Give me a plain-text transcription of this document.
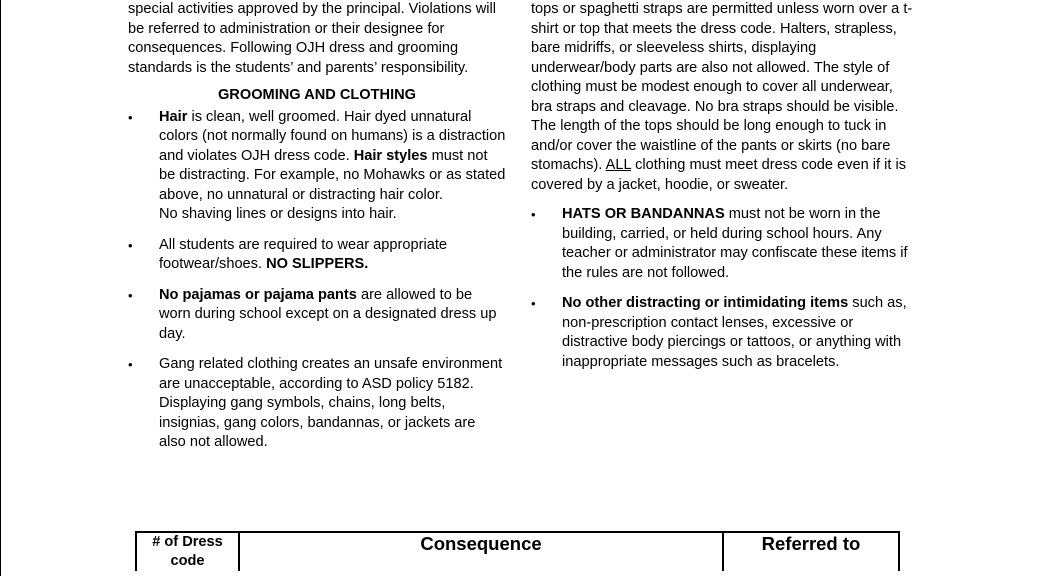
special activities approved by the principal. Violations will be referred to administration or their designee for consequences. Following OJH dress and grooming standards is the students’ and parents’ responsibility.

GROOMING AND CLOTHING
• Hair is clean, well groomed. Hair dyed unnatural colors (not normally found on humans) is a distraction and violates OJH dress code. Hair styles must not be distracting. For example, no Mohawks or as stated above, no unnatural or distracting hair color.
No shaving lines or designs into hair.
• All students are required to wear appropriate footwear/shoes. NO SLIPPERS.
• No pajamas or pajama pants are allowed to be worn during school except on a designated dress up day.
• Gang related clothing creates an unsafe environment are unacceptable, according to ASD policy 5182. Displaying gang symbols, chains, long belts, insignias, gang colors, bandannas, or jackets are also not allowed.

tops or spaghetti straps are permitted unless worn over a t-shirt or top that meets the dress code. Halters, strapless, bare midriffs, or sleeveless shirts, displaying underwear/body parts are also not allowed. The style of clothing must be modest enough to cover all underwear, bra straps and cleavage. No bra straps should be visible. The length of the tops should be long enough to tuck in and/or cover the waistline of the pants or skirts (no bare stomachs). ALL clothing must meet dress code even if it is covered by a jacket, hoodie, or sweater.

• HATS OR BANDANNAS must not be worn in the building, carried, or held during school hours. Any teacher or administrator may confiscate these items if the rules are not followed.
• No other distracting or intimidating items such as, non-prescription contact lenses, excessive or distractive body piercings or tattoos, or anything with inappropriate messages such as bracelets.
# of Dress code	Consequence	Referred to
